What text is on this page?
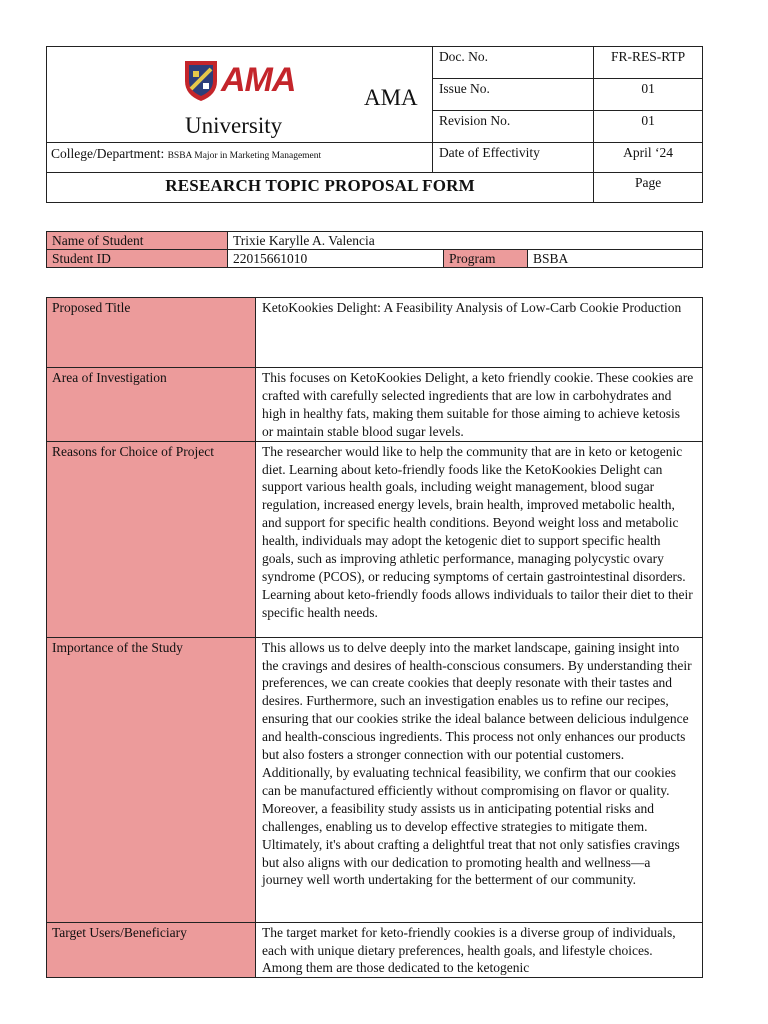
AMA AMA
University	Doc. No.	FR-RES-RTP
	Issue No.	01
	Revision No.	01
College/Department: BSBA Major in Marketing Management	Date of Effectivity	April ‘24
RESEARCH TOPIC PROPOSAL FORM		Page
Name of Student	Trixie Karylle A. Valencia		
Student ID	22015661010	Program	BSBA
Proposed Title	KetoKookies Delight: A Feasibility Analysis of Low-Carb Cookie Production
Area of Investigation	This focuses on KetoKookies Delight, a keto friendly cookie. These cookies are crafted with carefully selected ingredients that are low in carbohydrates and high in healthy fats, making them suitable for those aiming to achieve ketosis or maintain stable blood sugar levels.
Reasons for Choice of Project	The researcher would like to help the community that are in keto or ketogenic diet. Learning about keto-friendly foods like the KetoKookies Delight can support various health goals, including weight management, blood sugar regulation, increased energy levels, brain health, improved metabolic health, and support for specific health conditions. Beyond weight loss and metabolic health, individuals may adopt the ketogenic diet to support specific health goals, such as improving athletic performance, managing polycystic ovary syndrome (PCOS), or reducing symptoms of certain gastrointestinal disorders. Learning about keto-friendly foods allows individuals to tailor their diet to their specific health needs.
Importance of the Study	This allows us to delve deeply into the market landscape, gaining insight into the cravings and desires of health-conscious consumers. By understanding their preferences, we can create cookies that deeply resonate with their tastes and desires. Furthermore, such an investigation enables us to refine our recipes, ensuring that our cookies strike the ideal balance between delicious indulgence and health-conscious ingredients. This process not only enhances our products but also fosters a stronger connection with our potential customers. Additionally, by evaluating technical feasibility, we confirm that our cookies can be manufactured efficiently without compromising on flavor or quality. Moreover, a feasibility study assists us in anticipating potential risks and challenges, enabling us to develop effective strategies to mitigate them. Ultimately, it's about crafting a delightful treat that not only satisfies cravings but also aligns with our dedication to promoting health and wellness—a journey well worth undertaking for the betterment of our community.
Target Users/Beneficiary	The target market for keto-friendly cookies is a diverse group of individuals, each with unique dietary preferences, health goals, and lifestyle choices. Among them are those dedicated to the ketogenic
